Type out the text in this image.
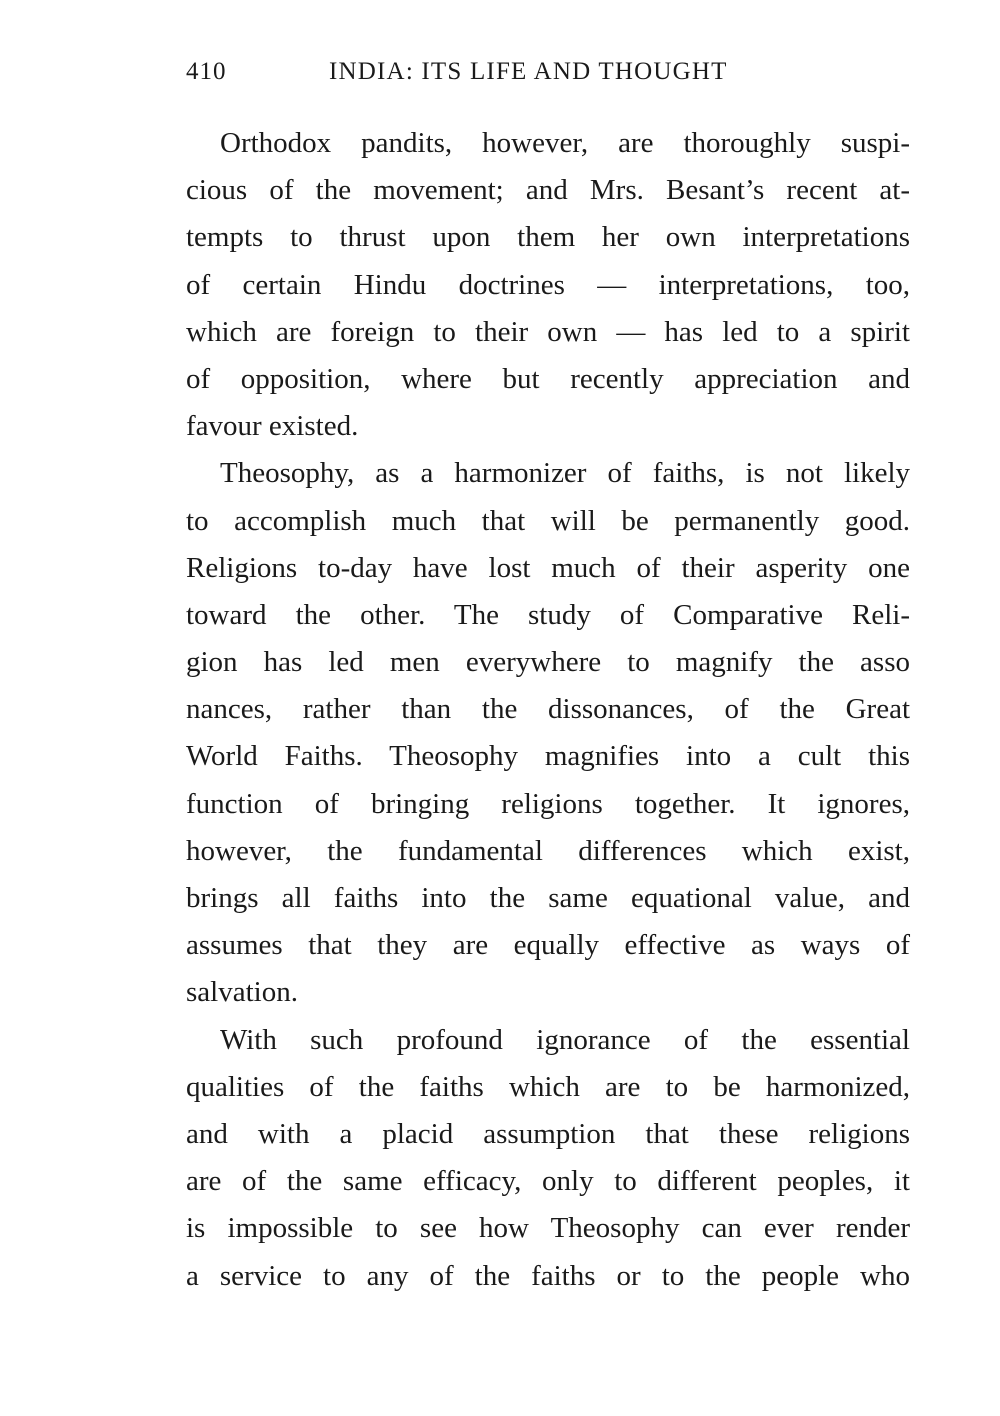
410	INDIA: ITS LIFE AND THOUGHT
Orthodox pandits, however, are thoroughly suspi-
cious of the movement; and Mrs. Besant’s recent at-
tempts to thrust upon them her own interpretations
of certain Hindu doctrines — interpretations, too,
which are foreign to their own — has led to a spirit
of opposition, where but recently appreciation and
favour existed.
Theosophy, as a harmonizer of faiths, is not likely
to accomplish much that will be permanently good.
Religions to-day have lost much of their asperity one
toward the other. The study of Comparative Reli-
gion has led men everywhere to magnify the asso
nances, rather than the dissonances, of the Great
World Faiths. Theosophy magnifies into a cult this
function of bringing religions together. It ignores,
however, the fundamental differences which exist,
brings all faiths into the same equational value, and
assumes that they are equally effective as ways of
salvation.
With such profound ignorance of the essential
qualities of the faiths which are to be harmonized,
and with a placid assumption that these religions
are of the same efficacy, only to different peoples, it
is impossible to see how Theosophy can ever render
a service to any of the faiths or to the people who
